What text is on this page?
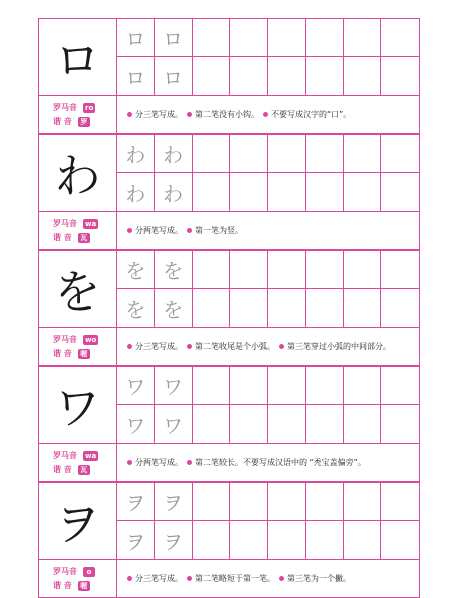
ロ	ロ ロ
ロ ロ
罗马音 ro
谐 音	罗
分三笔写成。 第二笔没有小钩。 不要写成汉字的“口”。
わ	わ わ
わ わ
罗马音 wa
谐 音	瓦
分两笔写成。 第一笔为竖。
を	を を
を を
罗马音 wo
谐 音	喔
分三笔写成。 第二笔收尾是个小弧。 第三笔穿过小弧的中间部分。
ワ	ワ ワ
ワ ワ
罗马音 wa
谐 音	瓦
分两笔写成。 第二笔较长。不要写成汉语中的 “秃宝盖偏旁”。
ヲ	ヲ ヲ
ヲ ヲ
罗马音	o
谐 音	喔
分三笔写成。 第二笔略短于第一笔。 第三笔为一个撇。
